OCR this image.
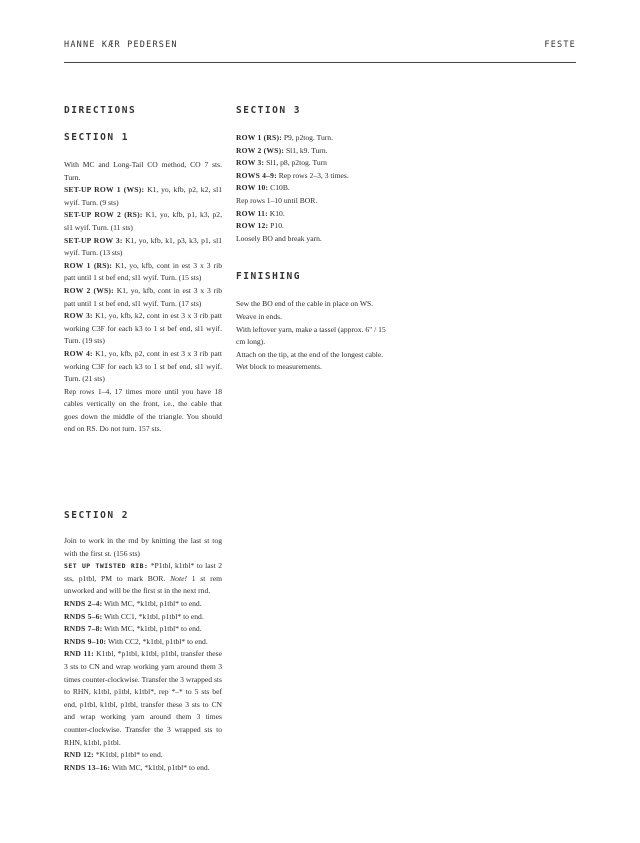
HANNE KÆR PEDERSEN	FESTE
DIRECTIONS
SECTION 1

With MC and Long-Tail CO method, CO 7 sts. Turn.

SET-UP ROW 1 (WS): K1, yo, kfb, p2, k2, sl1 wyif. Turn. (9 sts)

SET-UP ROW 2 (RS): K1, yo, kfb, p1, k3, p2, sl1 wyif. Turn. (11 sts)

SET-UP ROW 3: K1, yo, kfb, k1, p3, k3, p1, sl1 wyif. Turn. (13 sts)

ROW 1 (RS): K1, yo, kfb, cont in est 3 x 3 rib patt until 1 st bef end, sl1 wyif. Turn. (15 sts)

ROW 2 (WS): K1, yo, kfb, cont in est 3 x 3 rib patt until 1 st bef end, sl1 wyif. Turn. (17 sts)

ROW 3: K1, yo, kfb, k2, cont in est 3 x 3 rib patt working C3F for each k3 to 1 st bef end, sl1 wyif. Turn. (19 sts)

ROW 4: K1, yo, kfb, p2, cont in est 3 x 3 rib patt working C3F for each k3 to 1 st bef end, sl1 wyif. Turn. (21 sts)

Rep rows 1–4, 17 times more until you have 18 cables vertically on the front, i.e., the cable that goes down the middle of the triangle. You should end on RS. Do not turn. 157 sts.

SECTION 2

Join to work in the rnd by knitting the last st tog with the first st. (156 sts)

SET UP TWISTED RIB: *P1tbl, k1tbl* to last 2 sts, p1tbl, PM to mark BOR. Note! 1 st rem unworked and will be the first st in the next rnd.

RNDS 2–4: With MC, *k1tbl, p1tbl* to end.

RNDS 5–6: With CC1, *k1tbl, p1tbl* to end.

RNDS 7–8: With MC, *k1tbl, p1tbl* to end.

RNDS 9–10: With CC2, *k1tbl, p1tbl* to end.

RND 11: K1tbl, *p1tbl, k1tbl, p1tbl, transfer these 3 sts to CN and wrap working yarn around them 3 times counter-clockwise. Transfer the 3 wrapped sts to RHN, k1tbl, p1tbl, k1tbl*, rep *–* to 5 sts bef end, p1tbl, k1tbl, p1tbl, transfer these 3 sts to CN and wrap working yarn around them 3 times counter-clockwise. Transfer the 3 wrapped sts to RHN, k1tbl, p1tbl.

RND 12: *K1tbl, p1tbl* to end.

RNDS 13–16: With MC, *k1tbl, p1tbl* to end.

SECTION 3

ROW 1 (RS): P9, p2tog. Turn.

ROW 2 (WS): Sl1, k9. Turn.

ROW 3: Sl1, p8, p2tog. Turn

ROWS 4–9: Rep rows 2–3, 3 times.

ROW 10: C10B.

Rep rows 1–10 until BOR.

ROW 11: K10.

ROW 12: P10.

Loosely BO and break yarn.

FINISHING

Sew the BO end of the cable in place on WS. Weave in ends.

With leftover yarn, make a tassel (approx. 6" / 15 cm long).

Attach on the tip, at the end of the longest cable.

Wet block to measurements.
